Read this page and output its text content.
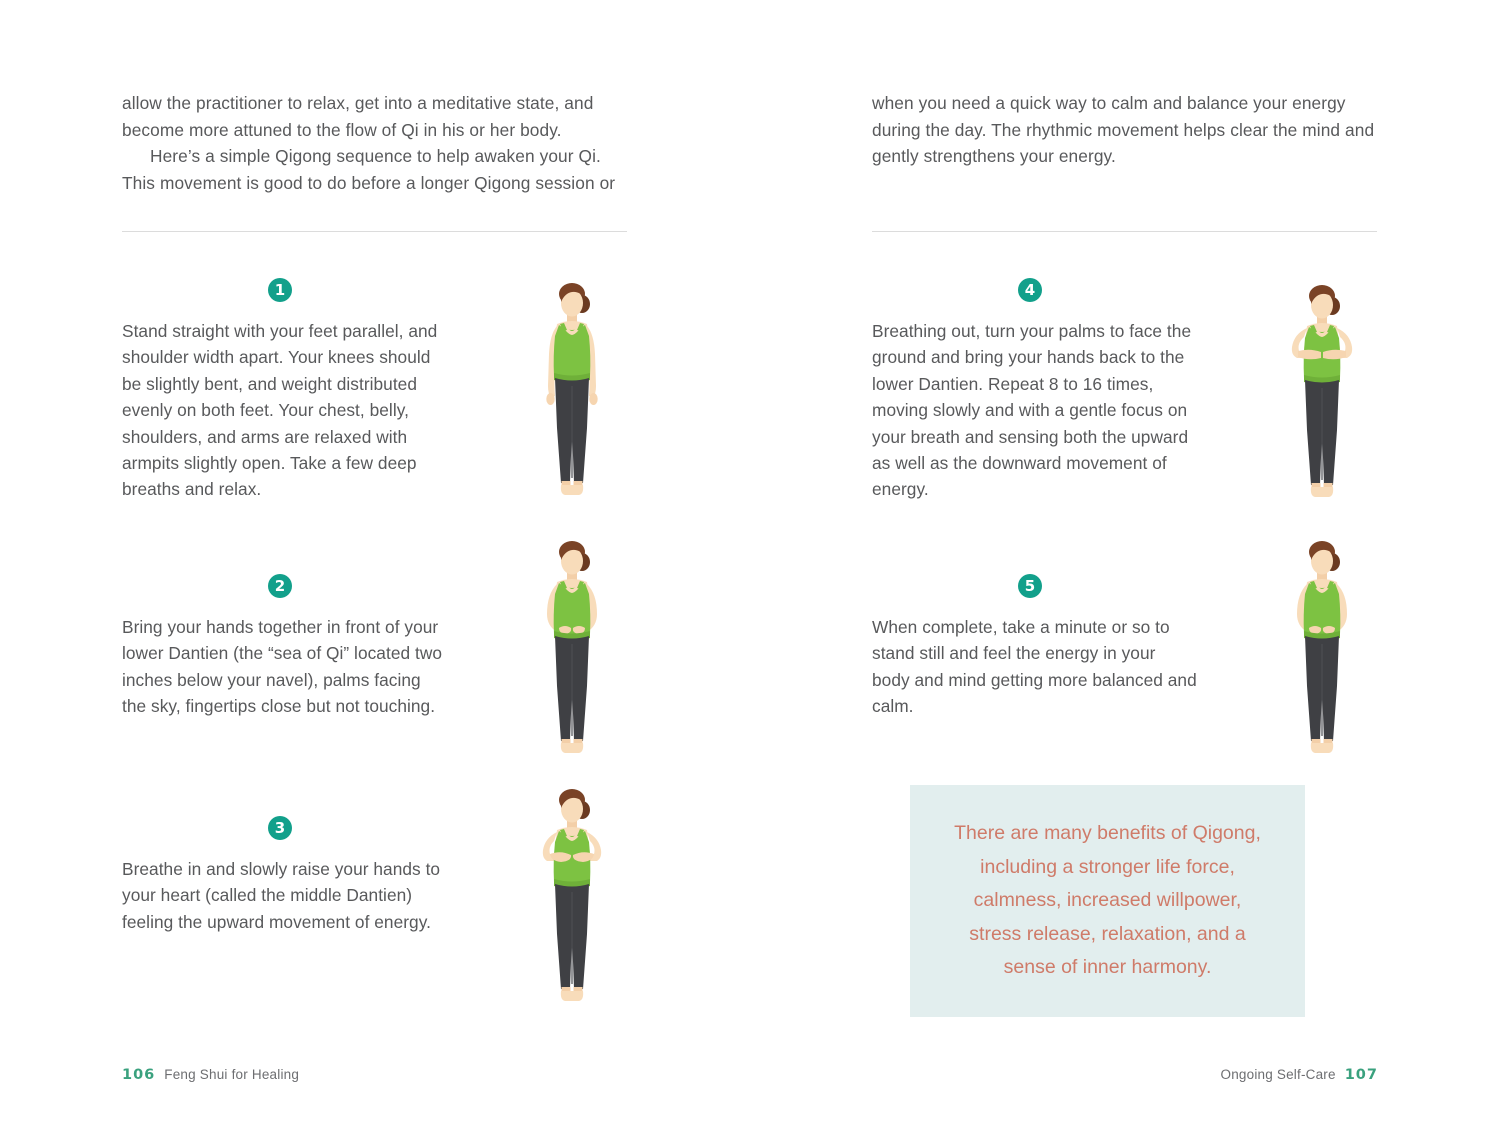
allow the practitioner to relax, get into a meditative state, and become more attuned to the flow of Qi in his or her body.

Here’s a simple Qigong sequence to help awaken your Qi. This movement is good to do before a longer Qigong session or

1

Stand straight with your feet parallel, and shoulder width apart. Your knees should be slightly bent, and weight distributed evenly on both feet. Your chest, belly, shoulders, and arms are relaxed with armpits slightly open. Take a few deep breaths and relax.

2

Bring your hands together in front of your lower Dantien (the “sea of Qi” located two inches below your navel), palms facing the sky, fingertips close but not touching.

3

Breathe in and slowly raise your hands to your heart (called the middle Dantien) feeling the upward movement of energy.

106 Feng Shui for Healing

when you need a quick way to calm and balance your energy during the day. The rhythmic movement helps clear the mind and gently strengthens your energy.

4

Breathing out, turn your palms to face the ground and bring your hands back to the lower Dantien. Repeat 8 to 16 times, moving slowly and with a gentle focus on your breath and sensing both the upward as well as the downward movement of energy.

5

When complete, take a minute or so to stand still and feel the energy in your body and mind getting more balanced and calm.

There are many benefits of Qigong, including a stronger life force, calmness, increased willpower, stress release, relaxation, and a sense of inner harmony.

Ongoing Self-Care 107
